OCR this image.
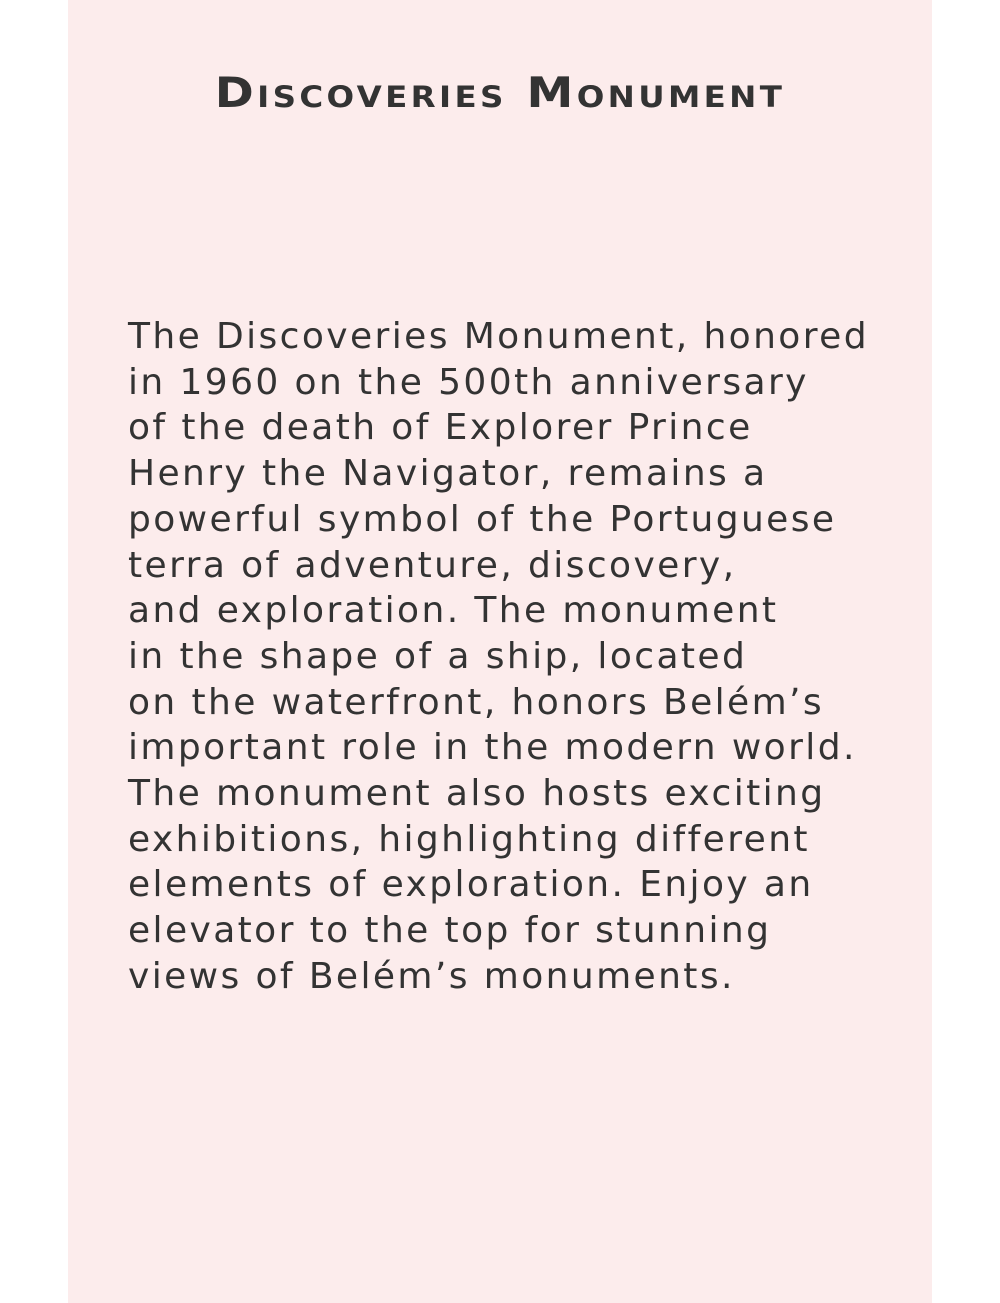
Discoveries Monument

The Discoveries Monument, honored
in 1960 on the 500th anniversary
of the death of Explorer Prince
Henry the Navigator, remains a
powerful symbol of the Portuguese
terra of adventure, discovery,
and exploration. The monument
in the shape of a ship, located
on the waterfront, honors Belém’s
important role in the modern world.
The monument also hosts exciting
exhibitions, highlighting different
elements of exploration. Enjoy an
elevator to the top for stunning
views of Belém’s monuments.
